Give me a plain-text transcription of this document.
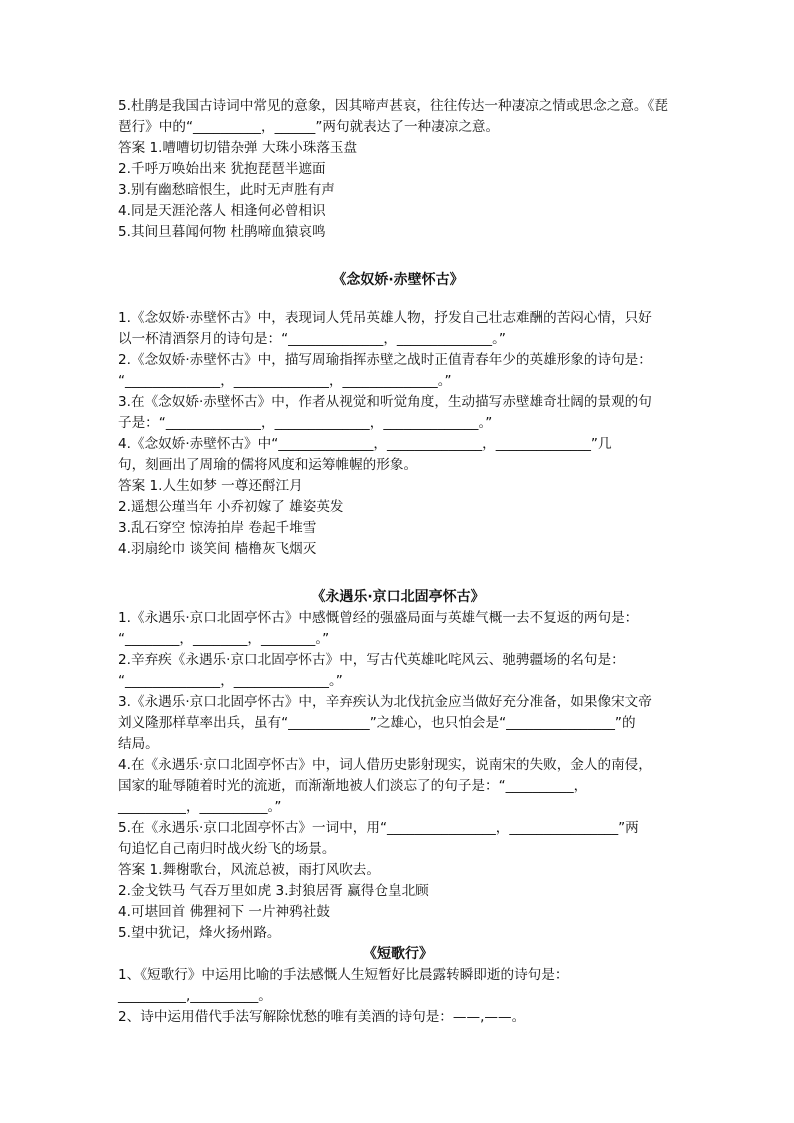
5.杜鹃是我国古诗词中常见的意象，因其啼声甚哀，往往传达一种凄凉之情或思念之意。《琵
琶行》中的“__________，______”两句就表达了一种凄凉之意。
答案 1.嘈嘈切切错杂弹 大珠小珠落玉盘
2.千呼万唤始出来 犹抱琵琶半遮面
3.别有幽愁暗恨生，此时无声胜有声
4.同是天涯沦落人 相逢何必曾相识
5.其间旦暮闻何物 杜鹃啼血猿哀鸣
《念奴娇·赤壁怀古》
1.《念奴娇·赤壁怀古》中，表现词人凭吊英雄人物，抒发自己壮志难酬的苦闷心情，只好
以一杯清酒祭月的诗句是：“______________，______________。”
2.《念奴娇·赤壁怀古》中，描写周瑜指挥赤壁之战时正值青春年少的英雄形象的诗句是：
“______________，______________，______________。”
3.在《念奴娇·赤壁怀古》中，作者从视觉和听觉角度，生动描写赤壁雄奇壮阔的景观的句
子是：“______________，______________，______________。”
4.《念奴娇·赤壁怀古》中“______________，______________，______________”几
句，刻画出了周瑜的儒将风度和运筹帷幄的形象。
答案 1.人生如梦 一尊还酹江月
2.遥想公瑾当年 小乔初嫁了 雄姿英发
3.乱石穿空 惊涛拍岸 卷起千堆雪
4.羽扇纶巾 谈笑间 樯橹灰飞烟灭
《永遇乐·京口北固亭怀古》
1.《永遇乐·京口北固亭怀古》中感慨曾经的强盛局面与英雄气概一去不复返的两句是：
“________，________，________。”
2.辛弃疾《永遇乐·京口北固亭怀古》中，写古代英雄叱咤风云、驰骋疆场的名句是：
“______________，______________。”
3.《永遇乐·京口北固亭怀古》中，辛弃疾认为北伐抗金应当做好充分准备，如果像宋文帝
刘义隆那样草率出兵，虽有“____________”之雄心，也只怕会是“________________”的
结局。
4.在《永遇乐·京口北固亭怀古》中，词人借历史影射现实，说南宋的失败，金人的南侵，
国家的耻辱随着时光的流逝，而渐渐地被人们淡忘了的句子是：“__________，
__________，__________。”
5.在《永遇乐·京口北固亭怀古》一词中，用“________________，________________”两
句追忆自己南归时战火纷飞的场景。
答案 1.舞榭歌台，风流总被，雨打风吹去。
2.金戈铁马 气吞万里如虎 3.封狼居胥 赢得仓皇北顾
4.可堪回首 佛狸祠下 一片神鸦社鼓
5.望中犹记，烽火扬州路。
《短歌行》
1、《短歌行》中运用比喻的手法感慨人生短暂好比晨露转瞬即逝的诗句是：
__________,__________。
2、诗中运用借代手法写解除忧愁的唯有美酒的诗句是：——,——。
